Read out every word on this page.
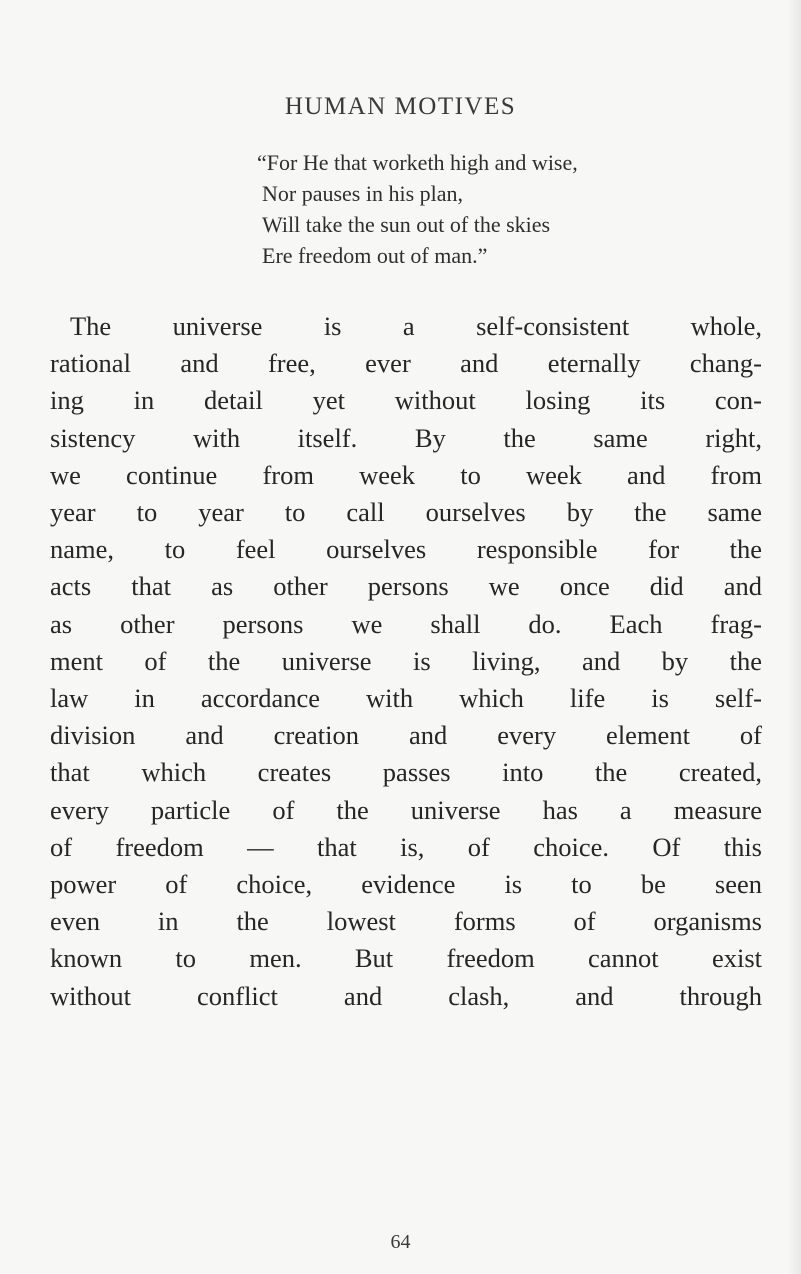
HUMAN MOTIVES
“For He that worketh high and wise,
Nor pauses in his plan,
Will take the sun out of the skies
Ere freedom out of man.”
The universe is a self-consistent whole,
rational and free, ever and eternally chang-
ing in detail yet without losing its con-
sistency with itself. By the same right,
we continue from week to week and from
year to year to call ourselves by the same
name, to feel ourselves responsible for the
acts that as other persons we once did and
as other persons we shall do. Each frag-
ment of the universe is living, and by the
law in accordance with which life is self-
division and creation and every element of
that which creates passes into the created,
every particle of the universe has a measure
of freedom — that is, of choice. Of this
power of choice, evidence is to be seen
even in the lowest forms of organisms
known to men. But freedom cannot exist
without conflict and clash, and through

64
